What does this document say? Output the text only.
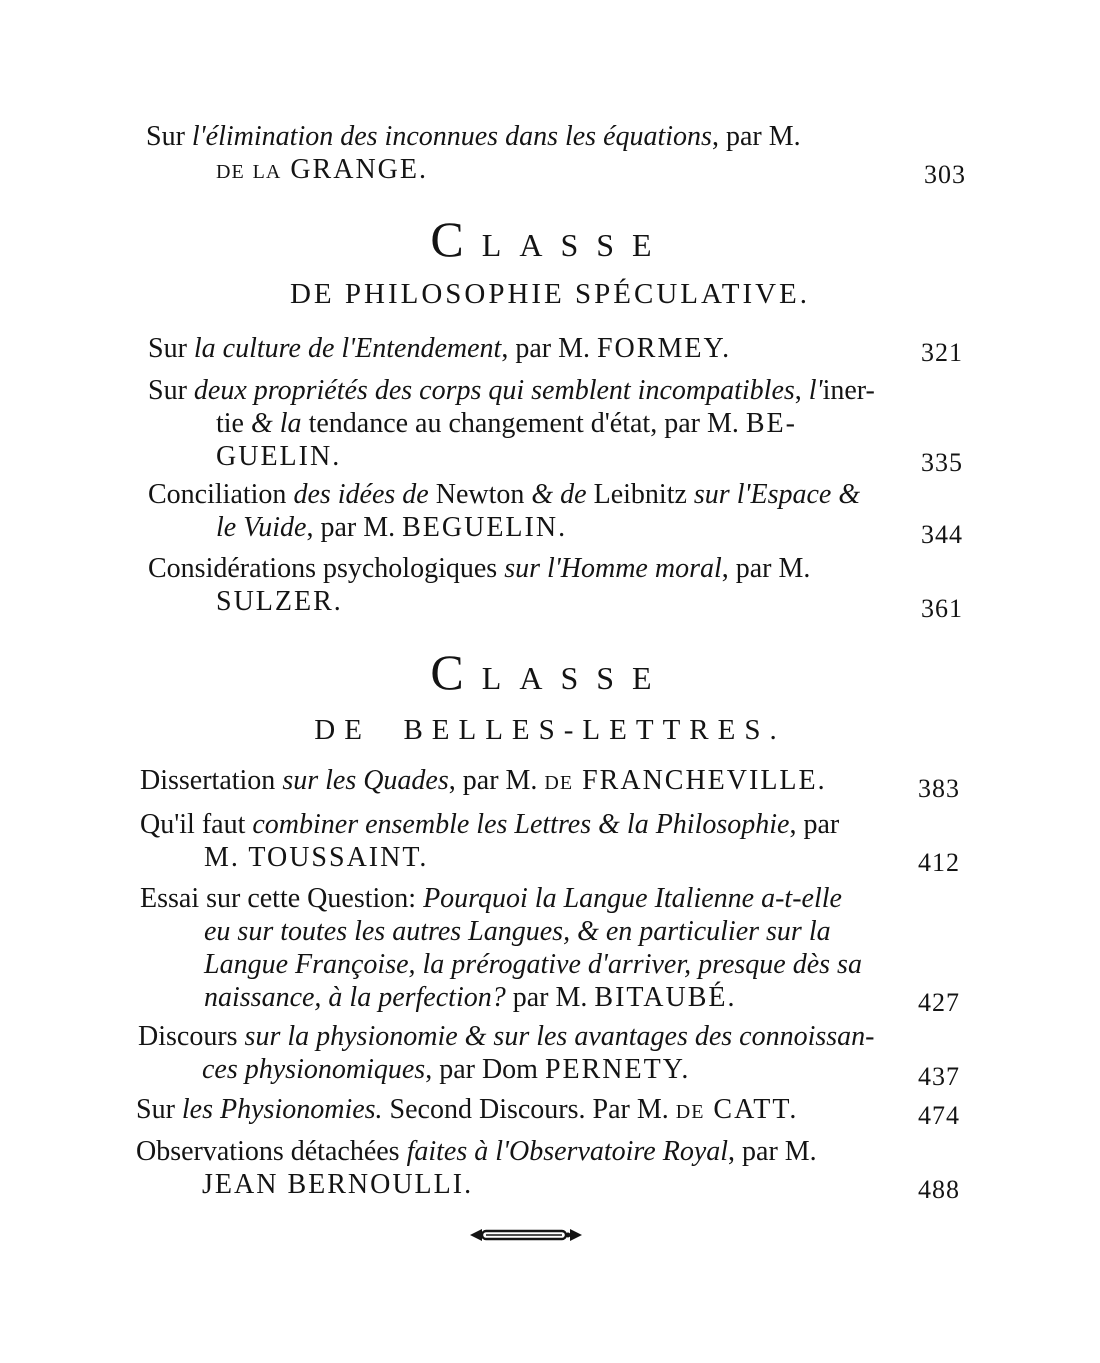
Sur l'élimination des inconnues dans les équations, par M.
de la GRANGE.	303
CLASSE
DE PHILOSOPHIE SPÉCULATIVE.
Sur la culture de l'Entendement, par M. FORMEY.	321
Sur deux propriétés des corps qui semblent incompatibles, l'iner-
tie & la tendance au changement d'état, par M. BE-
GUELIN.	335
Conciliation des idées de Newton & de Leibnitz sur l'Espace &
le Vuide, par M. BEGUELIN.	344
Considérations psychologiques sur l'Homme moral, par M.
SULZER.	361
CLASSE
DE  BELLES-LETTRES.
Dissertation sur les Quades, par M. de FRANCHEVILLE.	383
Qu'il faut combiner ensemble les Lettres & la Philosophie, par
M. TOUSSAINT.	412
Essai sur cette Question: Pourquoi la Langue Italienne a-t-elle
eu sur toutes les autres Langues, & en particulier sur la
Langue Françoise, la prérogative d'arriver, presque dès sa
naissance, à la perfection? par M. BITAUBÉ.	427
Discours sur la physionomie & sur les avantages des connoissan-
ces physionomiques, par Dom PERNETY.	437
Sur les Physionomies. Second Discours. Par M. de CATT.	474
Observations détachées faites à l'Observatoire Royal, par M.
JEAN BERNOULLI.	488
